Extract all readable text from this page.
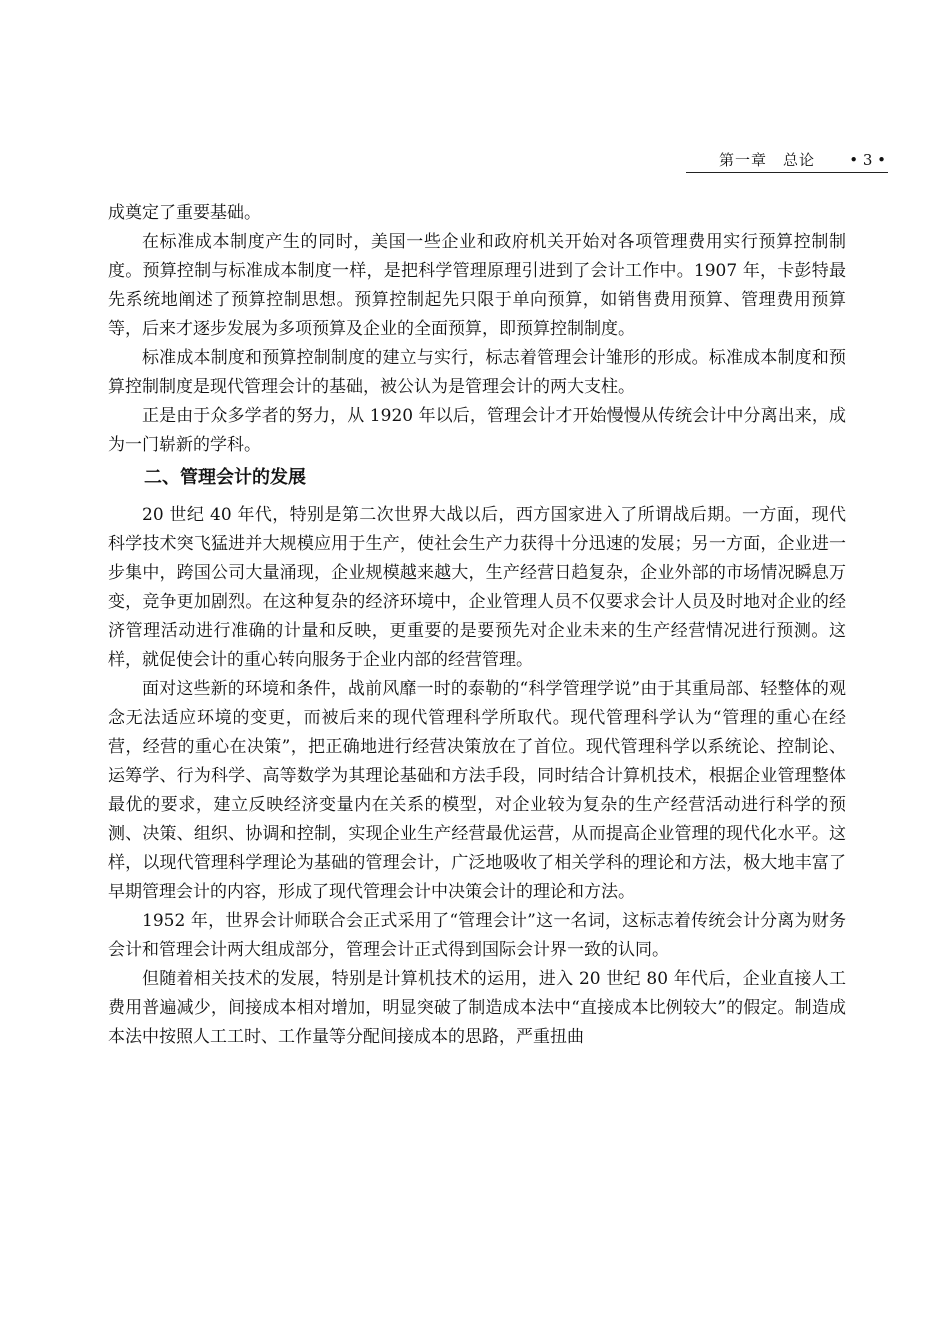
第一章　总论 • 3 •

成奠定了重要基础。

在标准成本制度产生的同时，美国一些企业和政府机关开始对各项管理费用实行预算控制制度。预算控制与标准成本制度一样，是把科学管理原理引进到了会计工作中。1907 年，卡彭特最先系统地阐述了预算控制思想。预算控制起先只限于单向预算，如销售费用预算、管理费用预算等，后来才逐步发展为多项预算及企业的全面预算，即预算控制制度。

标准成本制度和预算控制制度的建立与实行，标志着管理会计雏形的形成。标准成本制度和预算控制制度是现代管理会计的基础，被公认为是管理会计的两大支柱。

正是由于众多学者的努力，从 1920 年以后，管理会计才开始慢慢从传统会计中分离出来，成为一门崭新的学科。

二、管理会计的发展

20 世纪 40 年代，特别是第二次世界大战以后，西方国家进入了所谓战后期。一方面，现代科学技术突飞猛进并大规模应用于生产，使社会生产力获得十分迅速的发展；另一方面，企业进一步集中，跨国公司大量涌现，企业规模越来越大，生产经营日趋复杂，企业外部的市场情况瞬息万变，竞争更加剧烈。在这种复杂的经济环境中，企业管理人员不仅要求会计人员及时地对企业的经济管理活动进行准确的计量和反映，更重要的是要预先对企业未来的生产经营情况进行预测。这样，就促使会计的重心转向服务于企业内部的经营管理。

面对这些新的环境和条件，战前风靡一时的泰勒的“科学管理学说”由于其重局部、轻整体的观念无法适应环境的变更，而被后来的现代管理科学所取代。现代管理科学认为“管理的重心在经营，经营的重心在决策”，把正确地进行经营决策放在了首位。现代管理科学以系统论、控制论、运筹学、行为科学、高等数学为其理论基础和方法手段，同时结合计算机技术，根据企业管理整体最优的要求，建立反映经济变量内在关系的模型，对企业较为复杂的生产经营活动进行科学的预测、决策、组织、协调和控制，实现企业生产经营最优运营，从而提高企业管理的现代化水平。这样，以现代管理科学理论为基础的管理会计，广泛地吸收了相关学科的理论和方法，极大地丰富了早期管理会计的内容，形成了现代管理会计中决策会计的理论和方法。

1952 年，世界会计师联合会正式采用了“管理会计”这一名词，这标志着传统会计分离为财务会计和管理会计两大组成部分，管理会计正式得到国际会计界一致的认同。

但随着相关技术的发展，特别是计算机技术的运用，进入 20 世纪 80 年代后，企业直接人工费用普遍减少，间接成本相对增加，明显突破了制造成本法中“直接成本比例较大”的假定。制造成本法中按照人工工时、工作量等分配间接成本的思路，严重扭曲
